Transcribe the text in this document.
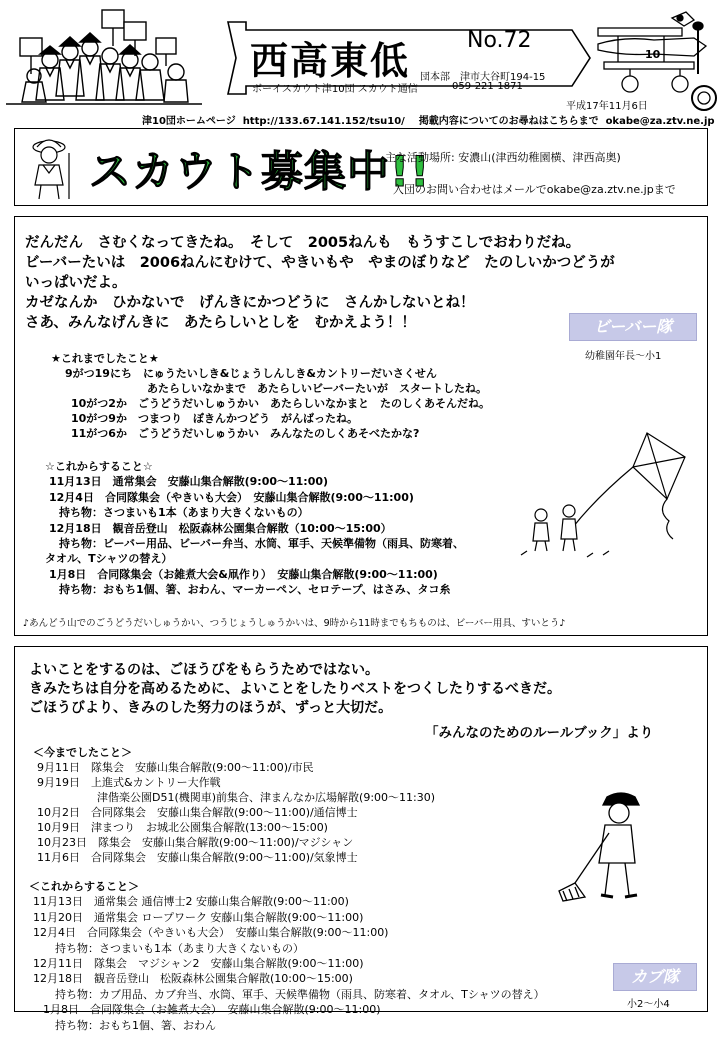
西高東低	No.72
団本部 津市大谷町194-15
ボーイスカウト津10団 スカウト通信	059-221-1871
10
平成17年11月6日
津10団ホームページ http://133.67.141.152/tsu10/ 掲載内容についてのお尋ねはこちらまで okabe@za.ztv.ne.jp
スカウト募集中!!
主な活動場所: 安濃山(津西幼稚園横、津西高奥)
入団のお問い合わせはメールでokabe@za.ztv.ne.jpまで
だんだん　さむくなってきたね。　そして　2005ねんも　もうすこしでおわりだね。
ビーバーたいは　2006ねんにむけて、やきいもや　やまのぼりなど　たのしいかつどうが
いっぱいだよ。
カゼなんか　ひかないで　げんきにかつどうに　さんかしないとね！
さあ、みんなげんきに　あたらしいとしを　むかえよう！！	ビーバー隊
幼稚園年長～小1
★これまでしたこと★
9がつ19にち　にゅうたいしき&じょうしんしき&カントリーだいさくせん
あたらしいなかまで　あたらしいビーバーたいが　スタートしたね。
10がつ2か　ごうどうだいしゅうかい　あたらしいなかまと　たのしくあそんだね。
10がつ9か　つまつり　ぼきんかつどう　がんばったね。
11がつ6か　ごうどうだいしゅうかい　みんなたのしくあそべたかな?
☆これからすること☆
11月13日　通常集会　安藤山集合解散(9:00～11:00)
12月4日　合同隊集会（やきいも大会）　安藤山集合解散(9:00～11:00)
持ち物：さつまいも1本（あまり大きくないもの）
12月18日　観音岳登山　松阪森林公園集合解散（10:00～15:00）
持ち物：ビーバー用品、ビーバー弁当、水筒、軍手、天候準備物（雨具、防寒着、
タオル、Tシャツの替え）
1月8日　合同隊集会（お雑煮大会&凧作り）　安藤山集合解散(9:00～11:00)
持ち物：おもち1個、箸、おわん、マーカーペン、セロテープ、はさみ、タコ糸
♪あんどう山でのごうどうだいしゅうかい、つうじょうしゅうかいは、9時から11時までもちものは、ビーバー用具、すいとう♪
よいことをするのは、ごほうびをもらうためではない。
きみたちは自分を高めるために、よいことをしたりベストをつくしたりするべきだ。
ごほうびより、きみのした努力のほうが、ずっと大切だ。
「みんなのためのルールブック」より
＜今までしたこと＞
9月11日　隊集会　安藤山集合解散(9:00～11:00)/市民
9月19日　上進式&カントリー大作戦
津偕楽公園D51(機関車)前集合、津まんなか広場解散(9:00～11:30)
10月2日　合同隊集会　安藤山集合解散(9:00～11:00)/通信博士
10月9日　津まつり　お城北公園集合解散(13:00～15:00)
10月23日　隊集会　安藤山集合解散(9:00～11:00)/マジシャン
11月6日　合同隊集会　安藤山集合解散(9:00～11:00)/気象博士
＜これからすること＞
11月13日　通常集会 通信博士2 安藤山集合解散(9:00～11:00)
11月20日　通常集会 ロープワーク 安藤山集合解散(9:00～11:00)
12月4日　合同隊集会（やきいも大会）　安藤山集合解散(9:00～11:00)
持ち物：さつまいも1本（あまり大きくないもの）
12月11日　隊集会　マジシャン2　安藤山集合解散(9:00～11:00)
12月18日　観音岳登山　松阪森林公園集合解散(10:00～15:00)
持ち物：カブ用品、カブ弁当、水筒、軍手、天候準備物（雨具、防寒着、タオル、Tシャツの替え）
1月8日　合同隊集会（お雑煮大会）　安藤山集合解散(9:00～11:00)
持ち物：おもち1個、箸、おわん
カブ隊
小2～小4
